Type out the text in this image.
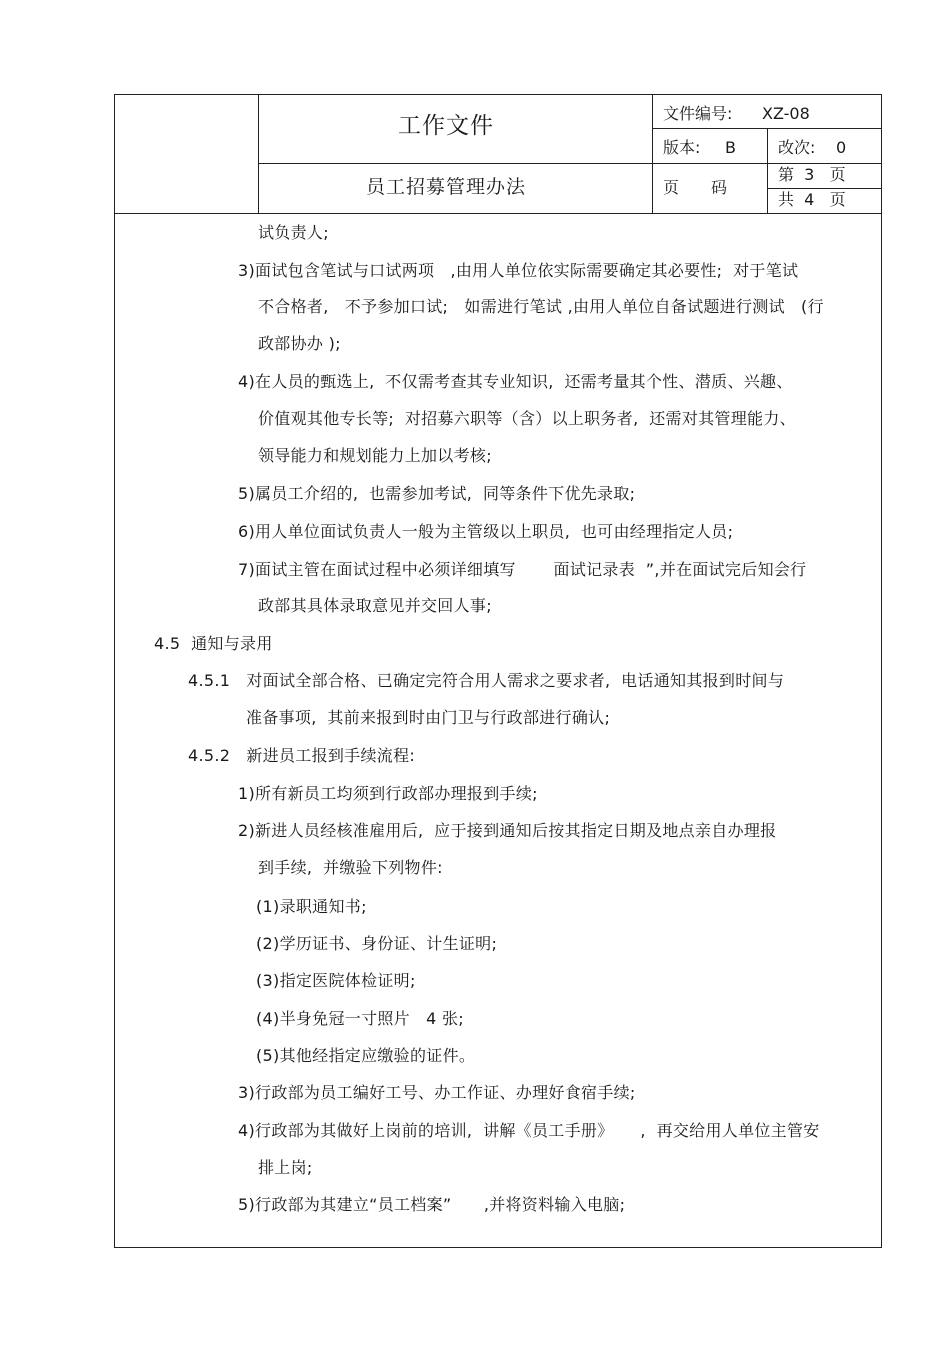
工作文件
员工招募管理办法
文件编号: XZ-08
版本: B	改次: 0
页　　码
第  3   页
共  4   页
试负责人;
3)面试包含笔试与口试两项   ,由用人单位依实际需要确定其必要性;  对于笔试
不合格者,   不予参加口试;   如需进行笔试 ,由用人单位自备试题进行测试   (行
政部协办 );
4)在人员的甄选上,  不仅需考查其专业知识,  还需考量其个性、潜质、兴趣、
价值观其他专长等;  对招募六职等（含）以上职务者,  还需对其管理能力、
领导能力和规划能力上加以考核;
5)属员工介绍的,  也需参加考试,  同等条件下优先录取;
6)用人单位面试负责人一般为主管级以上职员,  也可由经理指定人员;
7)面试主管在面试过程中必须详细填写       面试记录表  ”,并在面试完后知会行
政部其具体录取意见并交回人事;
4.5  通知与录用
4.5.1   对面试全部合格、已确定完符合用人需求之要求者,  电话通知其报到时间与
准备事项,  其前来报到时由门卫与行政部进行确认;
4.5.2   新进员工报到手续流程:
1)所有新员工均须到行政部办理报到手续;
2)新进人员经核准雇用后,  应于接到通知后按其指定日期及地点亲自办理报
到手续,  并缴验下列物件:
(1)录职通知书;
(2)学历证书、身份证、计生证明;
(3)指定医院体检证明;
(4)半身免冠一寸照片   4 张;
(5)其他经指定应缴验的证件。
3)行政部为员工编好工号、办工作证、办理好食宿手续;
4)行政部为其做好上岗前的培训,  讲解《员工手册》     ,  再交给用人单位主管安
排上岗;
5)行政部为其建立“员工档案”      ,并将资料输入电脑;
